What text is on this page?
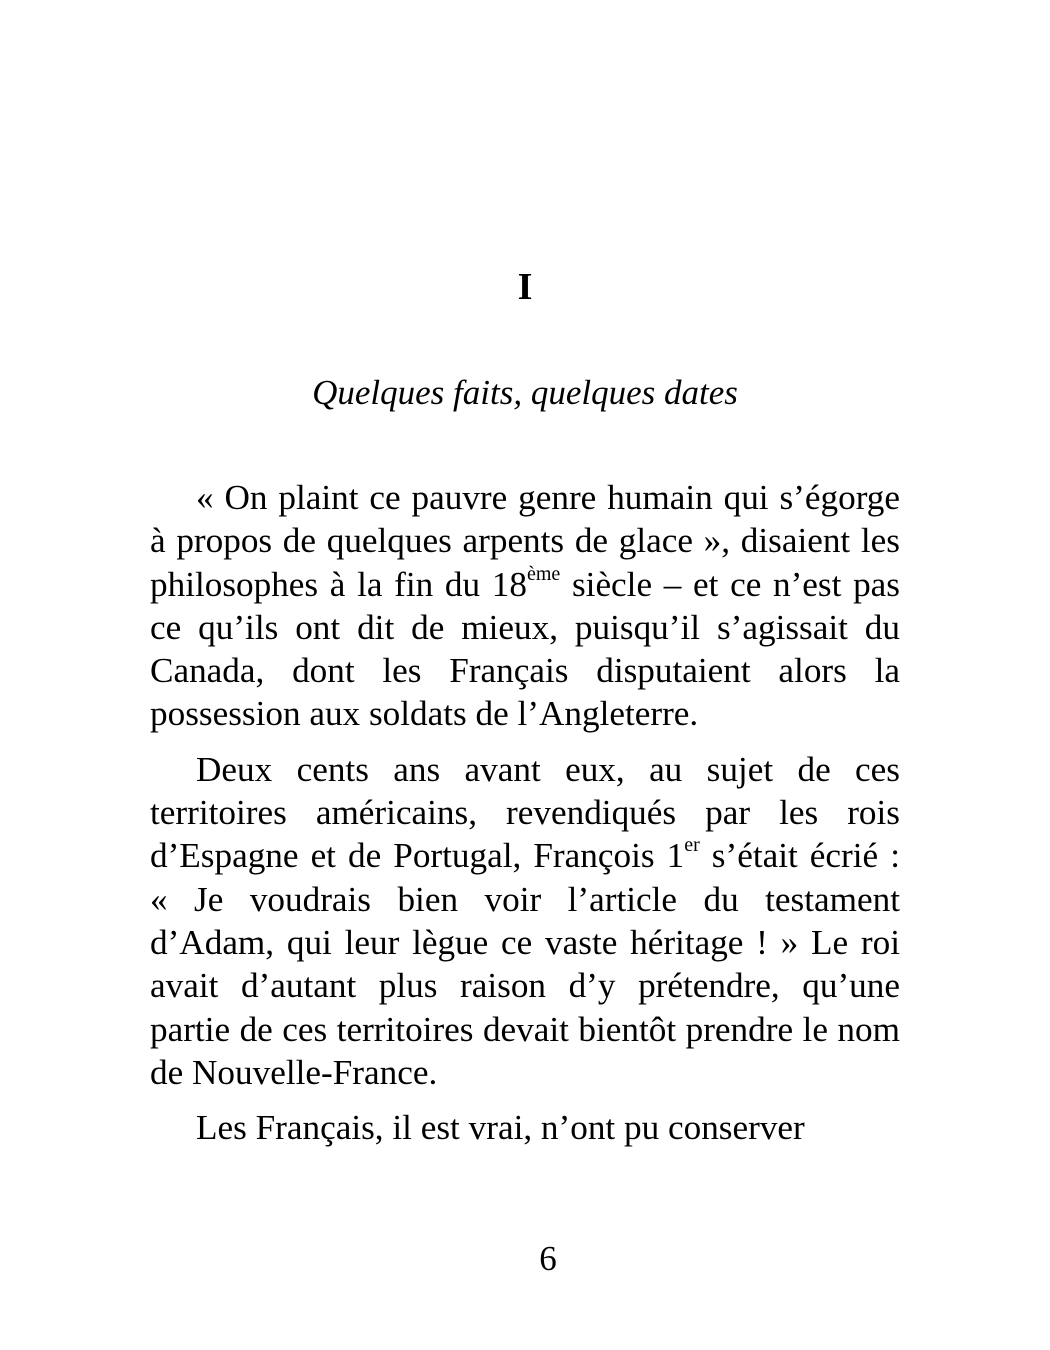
I
Quelques faits, quelques dates

« On plaint ce pauvre genre humain qui s’égorge à propos de quelques arpents de glace », disaient les philosophes à la fin du 18ème siècle – et ce n’est pas ce qu’ils ont dit de mieux, puisqu’il s’agissait du Canada, dont les Français disputaient alors la possession aux soldats de l’Angleterre.

Deux cents ans avant eux, au sujet de ces territoires américains, revendiqués par les rois d’Espagne et de Portugal, François 1er s’était écrié : « Je voudrais bien voir l’article du testament d’Adam, qui leur lègue ce vaste héritage ! » Le roi avait d’autant plus raison d’y prétendre, qu’une partie de ces territoires devait bientôt prendre le nom de Nouvelle-France.

Les Français, il est vrai, n’ont pu conserver

6
